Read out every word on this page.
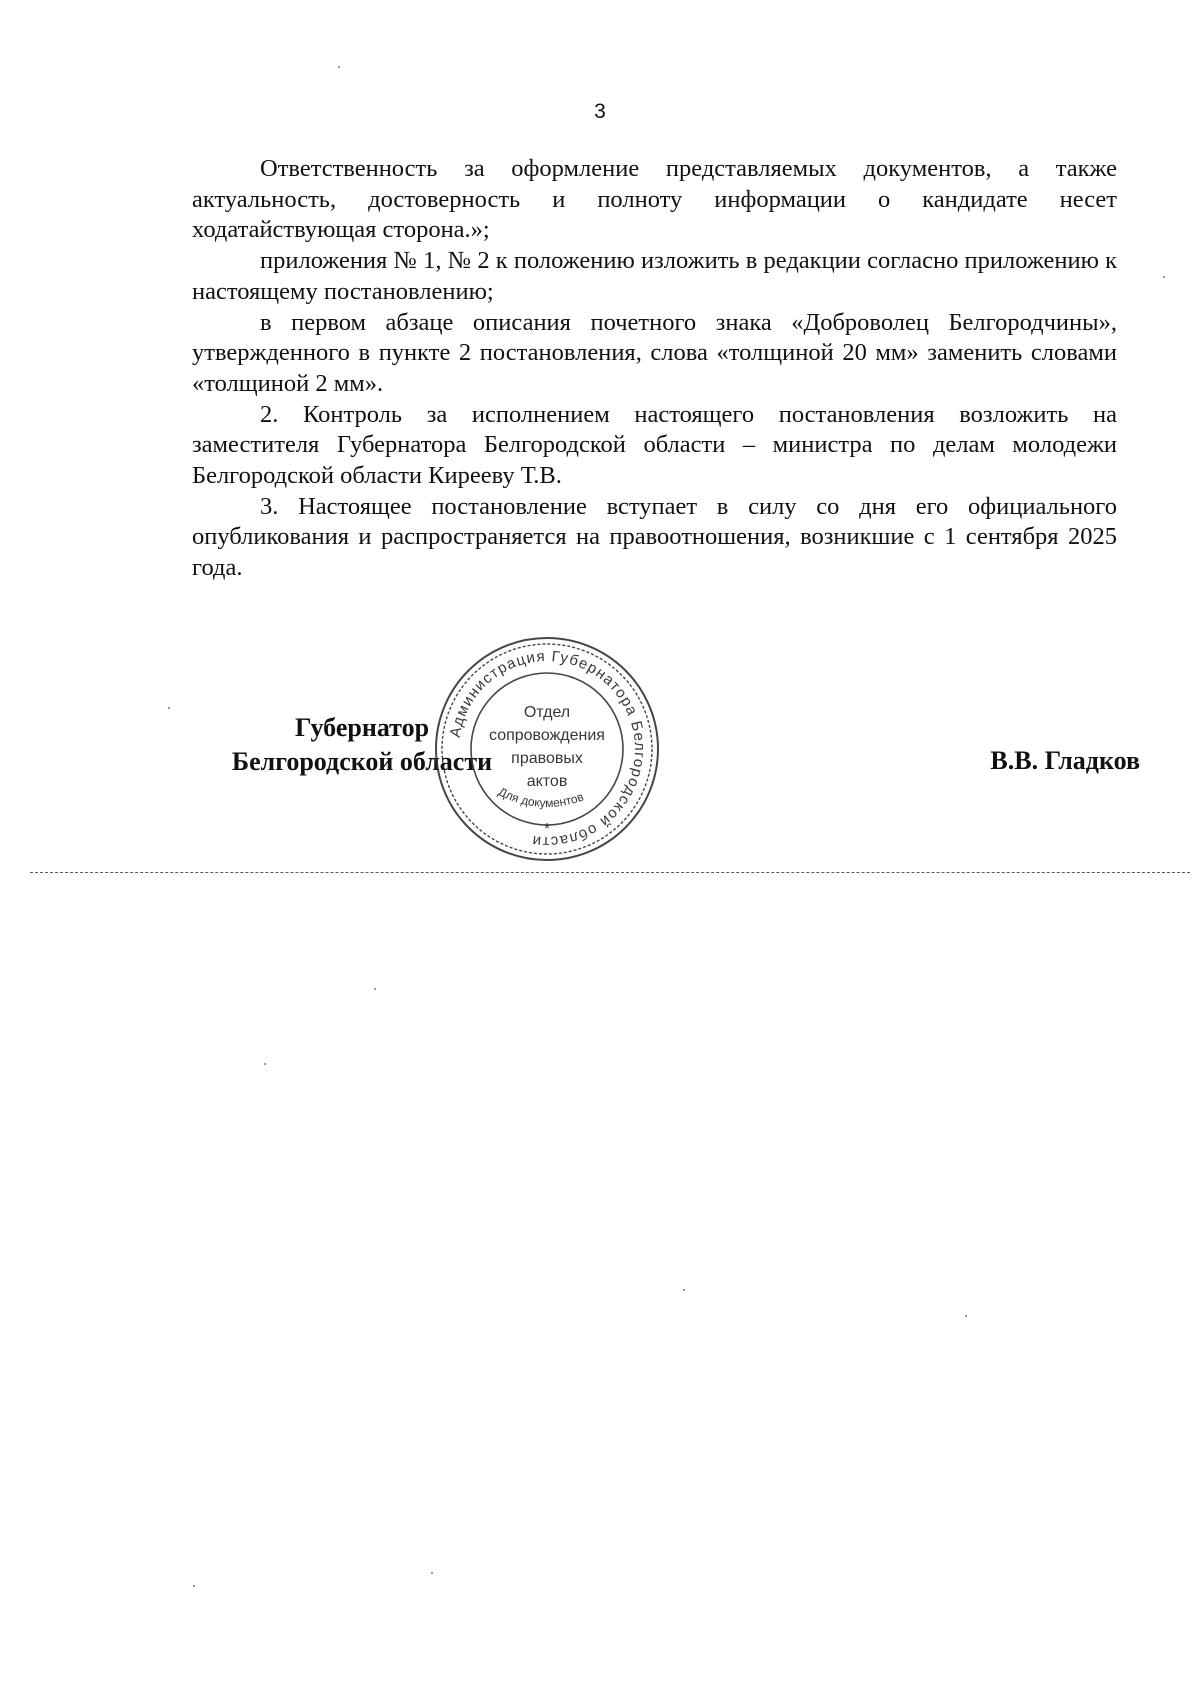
3

Ответственность за оформление представляемых документов, а также актуальность, достоверность и полноту информации о кандидате несет ходатайствующая сторона.»;

приложения № 1, № 2 к положению изложить в редакции согласно приложению к настоящему постановлению;

в первом абзаце описания почетного знака «Доброволец Белгородчины», утвержденного в пункте 2 постановления, слова «толщиной 20 мм» заменить словами «толщиной 2 мм».

2. Контроль за исполнением настоящего постановления возложить на заместителя Губернатора Белгородской области – министра по делам молодежи Белгородской области Кирееву Т.В.

3. Настоящее постановление вступает в силу со дня его официального опубликования и распространяется на правоотношения, возникшие с 1 сентября 2025 года.

Губернатор
Белгородской области	В.В. Гладков
Администрация Губернатора Белгородской области
Отдел
сопровождения
правовых
актов
Для документов
*
